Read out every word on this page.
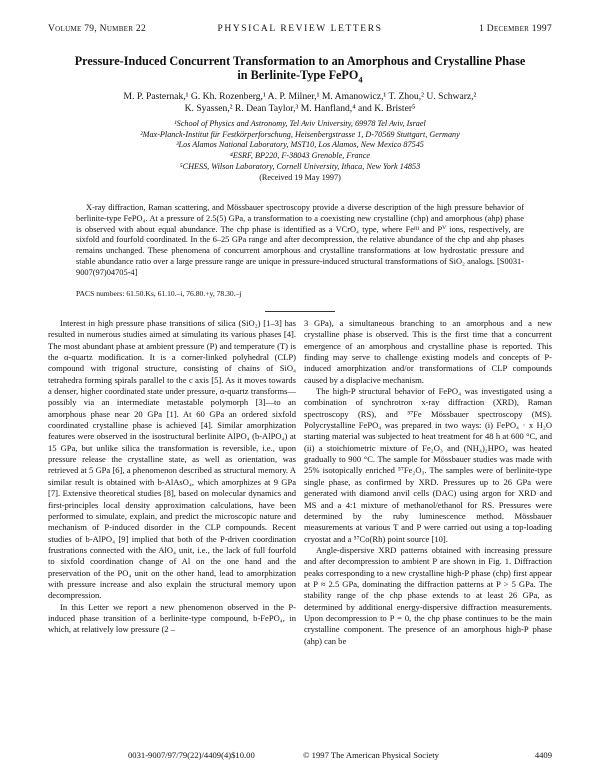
Volume 79, Number 22	PHYSICAL REVIEW LETTERS	1 December 1997
Pressure-Induced Concurrent Transformation to an Amorphous and Crystalline Phase
in Berlinite-Type FePO$_4$
M. P. Pasternak,¹ G. Kh. Rozenberg,¹ A. P. Milner,¹ M. Amanowicz,¹ T. Zhou,² U. Schwarz,²
K. Syassen,² R. Dean Taylor,³ M. Hanfland,⁴ and K. Brister⁵
¹School of Physics and Astronomy, Tel Aviv University, 69978 Tel Aviv, Israel
²Max-Planck-Institut für Festkörperforschung, Heisenbergstrasse 1, D-70569 Stuttgart, Germany
³Los Alamos National Laboratory, MST10, Los Alamos, New Mexico 87545
⁴ESRF, BP220, F-38043 Grenoble, France
⁵CHESS, Wilson Laboratory, Cornell University, Ithaca, New York 14853
(Received 19 May 1997)
X-ray diffraction, Raman scattering, and Mössbauer spectroscopy provide a diverse description of the high pressure behavior of berlinite-type FePO₄. At a pressure of 2.5(5) GPa, a transformation to a coexisting new crystalline (chp) and amorphous (ahp) phase is observed with about equal abundance. The chp phase is identified as a VCrO₄ type, where Feᴵᴵᴵ and Pⱽ ions, respectively, are sixfold and fourfold coordinated. In the 6–25 GPa range and after decompression, the relative abundance of the chp and ahp phases remains unchanged. These phenomena of concurrent amorphous and crystalline transformations at low hydrostatic pressure and stable abundance ratio over a large pressure range are unique in pressure-induced structural transformations of SiO₂ analogs. [S0031-9007(97)04705-4]
PACS numbers: 61.50.Ks, 61.10.–i, 76.80.+y, 78.30.–j

Interest in high pressure phase transitions of silica (SiO₂) [1–3] has resulted in numerous studies aimed at simulating its various phases [4]. The most abundant phase at ambient pressure (P) and temperature (T) is the α-quartz modification. It is a corner-linked polyhedral (CLP) compound with trigonal structure, consisting of chains of SiO₄ tetrahedra forming spirals parallel to the c axis [5]. As it moves towards a denser, higher coordinated state under pressure, α-quartz transforms—possibly via an intermediate metastable polymorph [3]—to an amorphous phase near 20 GPa [1]. At 60 GPa an ordered sixfold coordinated crystalline phase is achieved [4]. Similar amorphization features were observed in the isostructural berlinite AlPO₄ (b-AlPO₄) at 15 GPa, but unlike silica the transformation is reversible, i.e., upon pressure release the crystalline state, as well as orientation, was retrieved at 5 GPa [6], a phenomenon described as structural memory. A similar result is obtained with b-AlAsO₄, which amorphizes at 9 GPa [7]. Extensive theoretical studies [8], based on molecular dynamics and first-principles local density approximation calculations, have been performed to simulate, explain, and predict the microscopic nature and mechanism of P-induced disorder in the CLP compounds. Recent studies of b-AlPO₄ [9] implied that both of the P-driven coordination frustrations connected with the AlO₄ unit, i.e., the lack of full fourfold to sixfold coordination change of Al on the one hand and the preservation of the PO₄ unit on the other hand, lead to amorphization with pressure increase and also explain the structural memory upon decompression.

In this Letter we report a new phenomenon observed in the P-induced phase transition of a berlinite-type compound, b-FePO₄, in which, at relatively low pressure (2 –

3 GPa), a simultaneous branching to an amorphous and a new crystalline phase is observed. This is the first time that a concurrent emergence of an amorphous and crystalline phase is reported. This finding may serve to challenge existing models and concepts of P-induced amorphization and/or transformations of CLP compounds caused by a displacive mechanism.

The high-P structural behavior of FePO₄ was investigated using a combination of synchrotron x-ray diffraction (XRD), Raman spectroscopy (RS), and ⁵⁷Fe Mössbauer spectroscopy (MS). Polycrystalline FePO₄ was prepared in two ways: (i) FePO₄ · x H₂O starting material was subjected to heat treatment for 48 h at 600 °C, and (ii) a stoichiometric mixture of Fe₂O₃ and (NH₄)₂HPO₄ was heated gradually to 900 °C. The sample for Mössbauer studies was made with 25% isotopically enriched ⁵⁷Fe₂O₃. The samples were of berlinite-type single phase, as confirmed by XRD. Pressures up to 26 GPa were generated with diamond anvil cells (DAC) using argon for XRD and MS and a 4:1 mixture of methanol/ethanol for RS. Pressures were determined by the ruby luminescence method. Mössbauer measurements at various T and P were carried out using a top-loading cryostat and a ⁵⁷Co(Rh) point source [10].

Angle-dispersive XRD patterns obtained with increasing pressure and after decompression to ambient P are shown in Fig. 1. Diffraction peaks corresponding to a new crystalline high-P phase (chp) first appear at P ≈ 2.5 GPa, dominating the diffraction patterns at P > 5 GPa. The stability range of the chp phase extends to at least 26 GPa, as determined by additional energy-dispersive diffraction measurements. Upon decompression to P = 0, the chp phase continues to be the main crystalline component. The presence of an amorphous high-P phase (ahp) can be

0031-9007/97/79(22)/4409(4)$10.00	© 1997 The American Physical Society	4409
